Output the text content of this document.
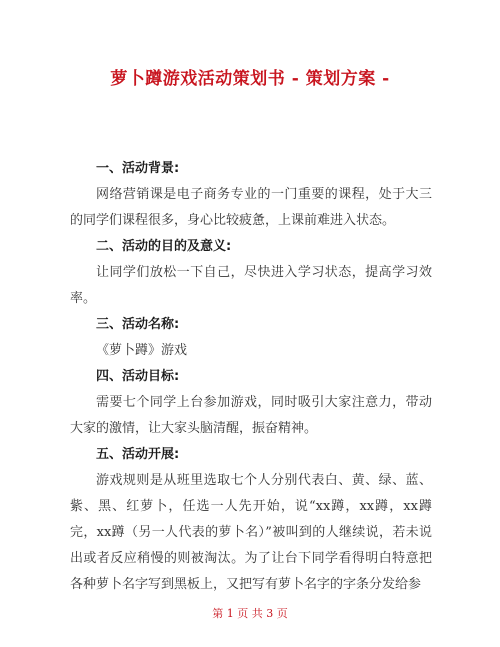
萝卜蹲游戏活动策划书 - 策划方案 -

一、活动背景:

网络营销课是电子商务专业的一门重要的课程，处于大三的同学们课程很多，身心比较疲惫，上课前难进入状态。

二、活动的目的及意义:

让同学们放松一下自己，尽快进入学习状态，提高学习效率。

三、活动名称:

《萝卜蹲》游戏

四、活动目标:

需要七个同学上台参加游戏，同时吸引大家注意力，带动大家的激情，让大家头脑清醒，振奋精神。

五、活动开展:

游戏规则是从班里选取七个人分别代表白、黄、绿、蓝、紫、黑、红萝卜，任选一人先开始，说“xx蹲，xx蹲，xx蹲完，xx蹲（另一人代表的萝卜名）”被叫到的人继续说，若未说出或者反应稍慢的则被淘汰。为了让台下同学看得明白特意把各种萝卜名字写到黑板上，又把写有萝卜名字的字条分发给参

第 1 页 共 3 页
